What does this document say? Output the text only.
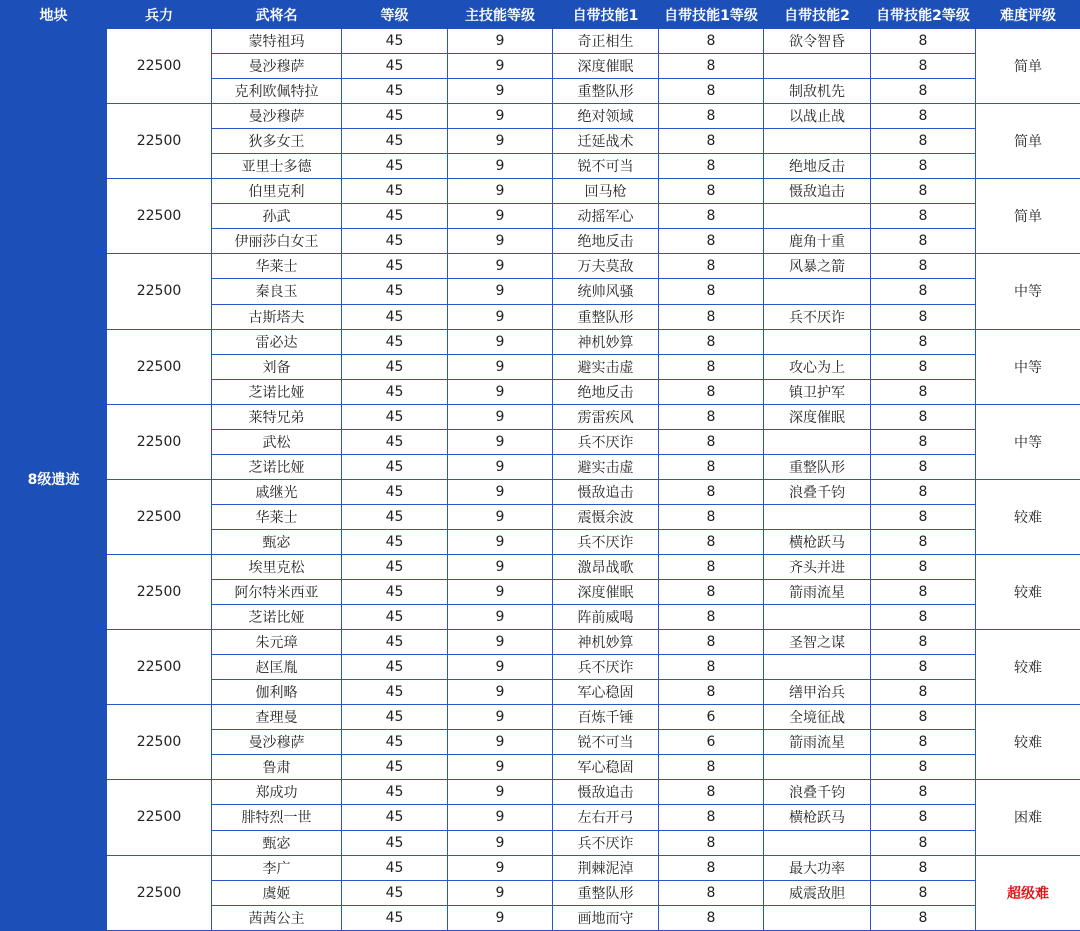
地块	兵力	武将名	等级	主技能等级	自带技能1	自带技能1等级	自带技能2	自带技能2等级	难度评级
8级遗迹	22500	蒙特祖玛	45	9	奇正相生	8	欲令智昏	8	简单
		曼沙穆萨	45	9	深度催眠	8		8	
		克利欧佩特拉	45	9	重整队形	8	制敌机先	8	
	22500	曼沙穆萨	45	9	绝对领域	8	以战止战	8	简单
		狄多女王	45	9	迁延战术	8		8	
		亚里士多德	45	9	锐不可当	8	绝地反击	8	
	22500	伯里克利	45	9	回马枪	8	慑敌追击	8	简单
		孙武	45	9	动摇军心	8		8	
		伊丽莎白女王	45	9	绝地反击	8	鹿角十重	8	
	22500	华莱士	45	9	万夫莫敌	8	风暴之箭	8	中等
		秦良玉	45	9	统帅风骚	8		8	
		古斯塔夫	45	9	重整队形	8	兵不厌诈	8	
	22500	雷必达	45	9	神机妙算	8		8	中等
		刘备	45	9	避实击虚	8	攻心为上	8	
		芝诺比娅	45	9	绝地反击	8	镇卫护军	8	
	22500	莱特兄弟	45	9	雳雷疾风	8	深度催眠	8	中等
		武松	45	9	兵不厌诈	8		8	
		芝诺比娅	45	9	避实击虚	8	重整队形	8	
	22500	戚继光	45	9	慑敌追击	8	浪叠千钧	8	较难
		华莱士	45	9	震慑余波	8		8	
		甄宓	45	9	兵不厌诈	8	横枪跃马	8	
	22500	埃里克松	45	9	激昂战歌	8	齐头并进	8	较难
		阿尔特米西亚	45	9	深度催眠	8	箭雨流星	8	
		芝诺比娅	45	9	阵前威喝	8		8	
	22500	朱元璋	45	9	神机妙算	8	圣智之谋	8	较难
		赵匡胤	45	9	兵不厌诈	8		8	
		伽利略	45	9	军心稳固	8	缮甲治兵	8	
	22500	查理曼	45	9	百炼千锤	6	全境征战	8	较难
		曼沙穆萨	45	9	锐不可当	6	箭雨流星	8	
		鲁肃	45	9	军心稳固	8		8	
	22500	郑成功	45	9	慑敌追击	8	浪叠千钧	8	困难
		腓特烈一世	45	9	左右开弓	8	横枪跃马	8	
		甄宓	45	9	兵不厌诈	8		8	
	22500	李广	45	9	荆棘泥淖	8	最大功率	8	超级难
		虞姬	45	9	重整队形	8	威震敌胆	8	
		茜茜公主	45	9	画地而守	8		8	
